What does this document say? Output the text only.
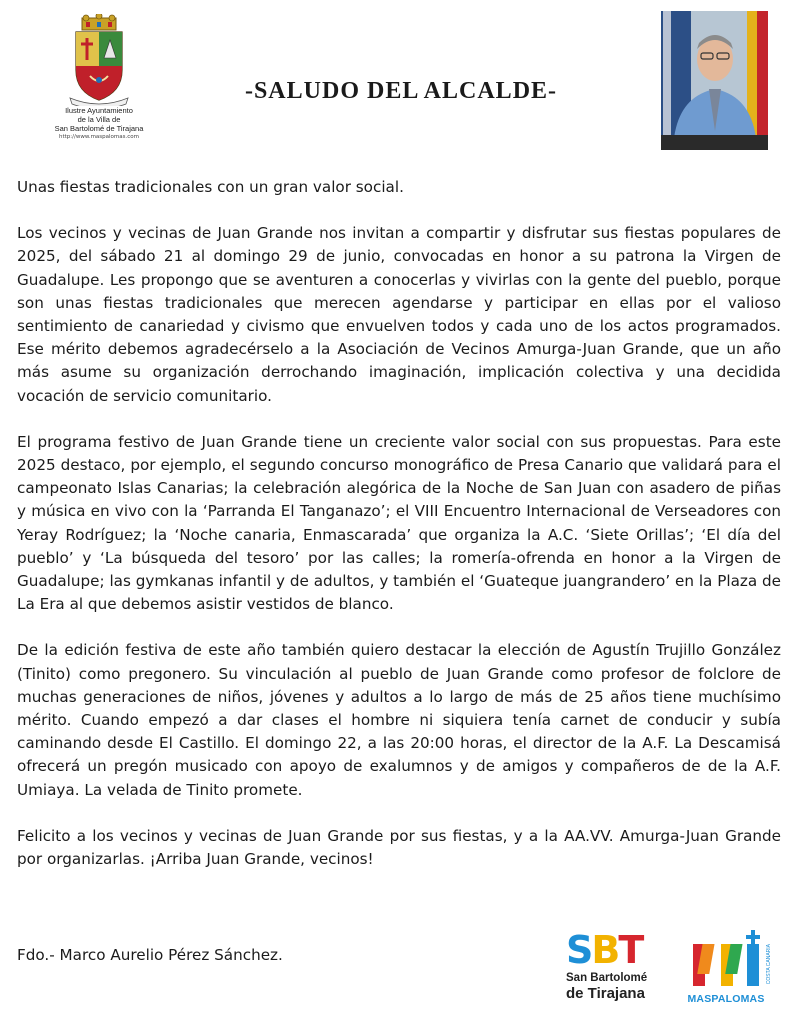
Ilustre Ayuntamiento
de la Villa de
San Bartolomé de Tirajana
http://www.maspalomas.com
-SALUDO DEL ALCALDE-

Unas fiestas tradicionales con un gran valor social.

Los vecinos y vecinas de Juan Grande nos invitan a compartir y disfrutar sus fiestas populares de 2025, del sábado 21 al domingo 29 de junio, convocadas en honor a su patrona la Virgen de Guadalupe. Les propongo que se aventuren a conocerlas y vivirlas con la gente del pueblo, porque son unas fiestas tradicionales que merecen agendarse y participar en ellas por el valioso sentimiento de canariedad y civismo que envuelven todos y cada uno de los actos programados. Ese mérito debemos agradecérselo a la Asociación de Vecinos Amurga-Juan Grande, que un año más asume su organización derrochando imaginación, implicación colectiva y una decidida vocación de servicio comunitario.

El programa festivo de Juan Grande tiene un creciente valor social con sus propuestas. Para este 2025 destaco, por ejemplo, el segundo concurso monográfico de Presa Canario que validará para el campeonato Islas Canarias; la celebración alegórica de la Noche de San Juan con asadero de piñas y música en vivo con la ‘Parranda El Tanganazo’; el VIII Encuentro Internacional de Verseadores con Yeray Rodríguez; la ‘Noche canaria, Enmascarada’ que organiza la A.C. ‘Siete Orillas’; ‘El día del pueblo’ y ‘La búsqueda del tesoro’ por las calles; la romería-ofrenda en honor a la Virgen de Guadalupe; las gymkanas infantil y de adultos, y también el ‘Guateque juangrandero’ en la Plaza de La Era al que debemos asistir vestidos de blanco.

De la edición festiva de este año también quiero destacar la elección de Agustín Trujillo González (Tinito) como pregonero. Su vinculación al pueblo de Juan Grande como profesor de folclore de muchas generaciones de niños, jóvenes y adultos a lo largo de más de 25 años tiene muchísimo mérito. Cuando empezó a dar clases el hombre ni siquiera tenía carnet de conducir y subía caminando desde El Castillo. El domingo 22, a las 20:00 horas, el director de la A.F. La Descamisá ofrecerá un pregón musicado con apoyo de exalumnos y de amigos y compañeros de de la A.F. Umiaya. La velada de Tinito promete.

Felicito a los vecinos y vecinas de Juan Grande por sus fiestas, y a la AA.VV. Amurga-Juan Grande por organizarlas. ¡Arriba Juan Grande, vecinos!

Fdo.- Marco Aurelio Pérez Sánchez.	SBT
San Bartolomé
de Tirajana	MASPALOMAS
COSTA CANARIA
